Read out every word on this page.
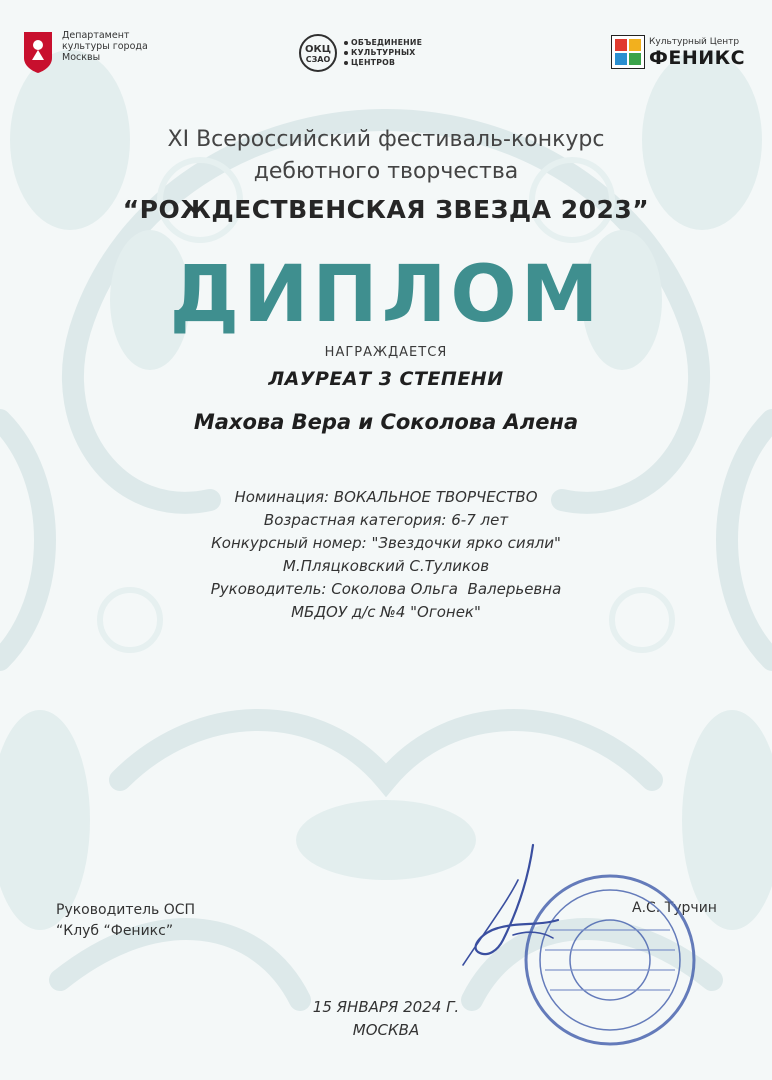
Департамент культуры города Москвы
ОКЦ
СЗАО
ОБЪЕДИНЕНИЕ
КУЛЬТУРНЫХ
ЦЕНТРОВ
Культурный Центр
ФЕНИКС
XI Всероссийский фестиваль-конкурс
дебютного творчества
“РОЖДЕСТВЕНСКАЯ ЗВЕЗДА 2023”
ДИПЛОМ
НАГРАЖДАЕТСЯ
ЛАУРЕАТ 3 СТЕПЕНИ
Махова Вера и Соколова Алена
Номинация: ВОКАЛЬНОЕ ТВОРЧЕСТВО
Возрастная категория: 6-7 лет
Конкурсный номер: "Звездочки ярко сияли"
М.Пляцковский С.Туликов
Руководитель: Соколова Ольга  Валерьевна
МБДОУ д/с №4 "Огонек"
Руководитель ОСП
“Клуб “Феникс”
А.С. Турчин
15 ЯНВАРЯ 2024 Г.
МОСКВА
